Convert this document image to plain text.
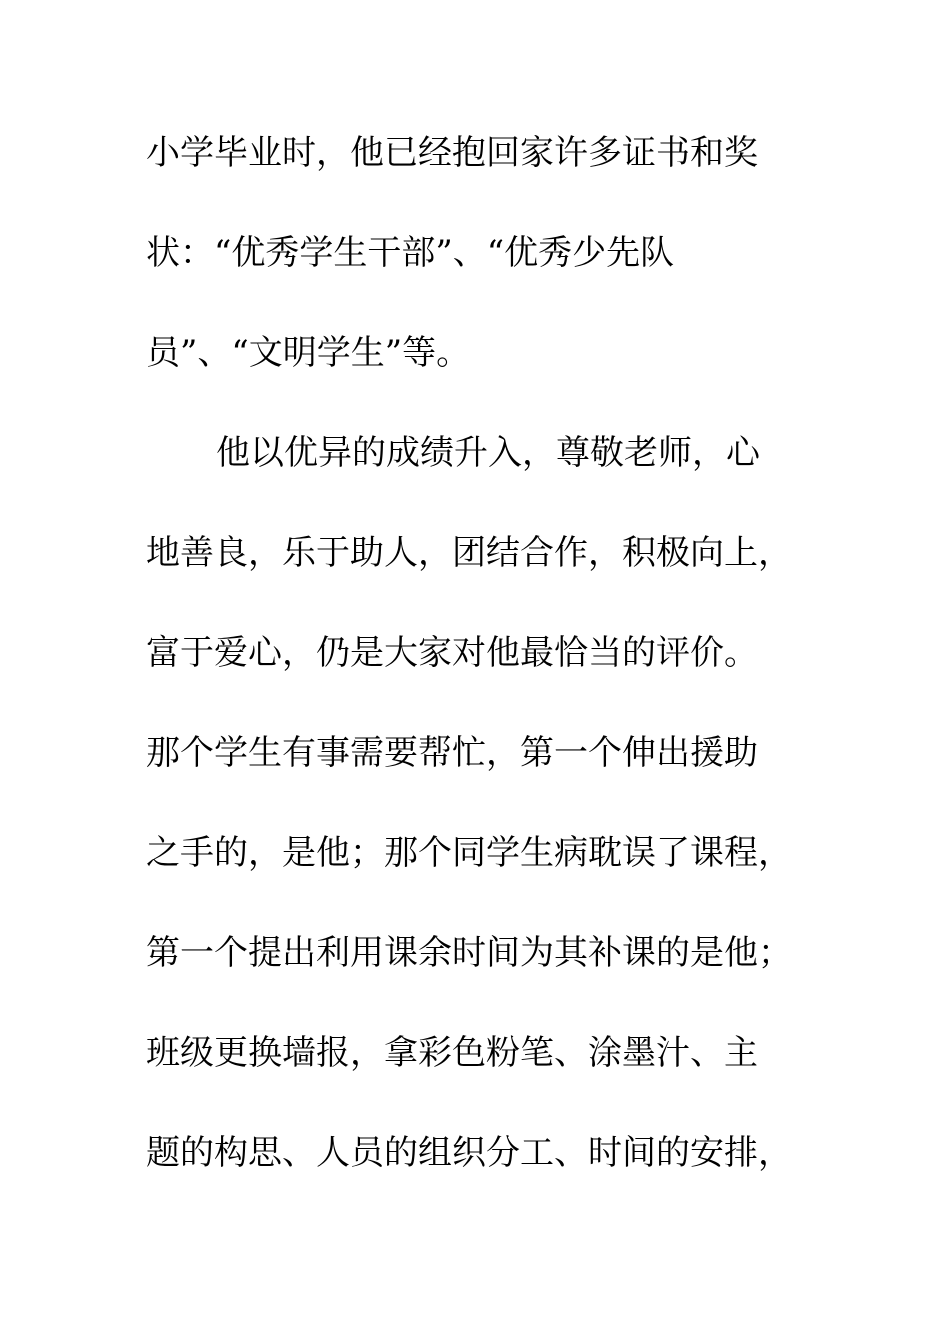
小学毕业时，他已经抱回家许多证书和奖
状：“优秀学生干部”、“优秀少先队
员”、“文明学生”等。
他以优异的成绩升入，尊敬老师，心
地善良，乐于助人，团结合作，积极向上，
富于爱心，仍是大家对他最恰当的评价。
那个学生有事需要帮忙，第一个伸出援助
之手的，是他；那个同学生病耽误了课程，
第一个提出利用课余时间为其补课的是他；
班级更换墙报，拿彩色粉笔、涂墨汁、主
题的构思、人员的组织分工、时间的安排，
